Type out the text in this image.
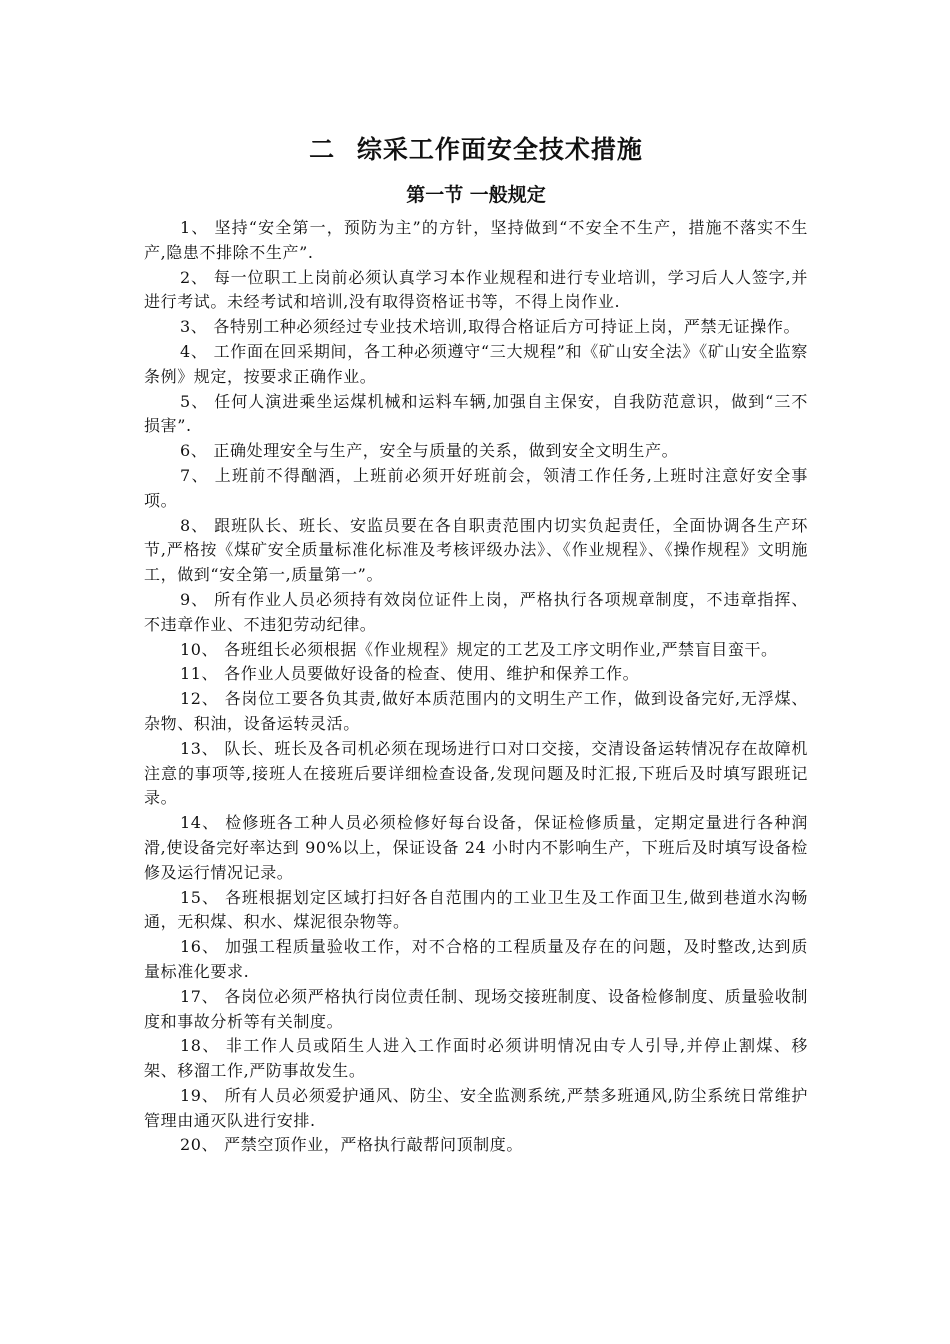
二 综采工作面安全技术措施
第一节 一般规定

1、 坚持“安全第一，预防为主”的方针，坚持做到“不安全不生产，措施不落实不生产,隐患不排除不生产”.

2、 每一位职工上岗前必须认真学习本作业规程和进行专业培训，学习后人人签字,并进行考试。未经考试和培训,没有取得资格证书等，不得上岗作业.

3、 各特别工种必须经过专业技术培训,取得合格证后方可持证上岗，严禁无证操作。

4、 工作面在回采期间，各工种必须遵守“三大规程”和《矿山安全法》《矿山安全监察条例》规定，按要求正确作业。

5、 任何人演进乘坐运煤机械和运料车辆,加强自主保安，自我防范意识，做到“三不损害”.

6、 正确处理安全与生产，安全与质量的关系，做到安全文明生产。

7、 上班前不得酗酒，上班前必须开好班前会，领清工作任务,上班时注意好安全事项。

8、 跟班队长、班长、安监员要在各自职责范围内切实负起责任，全面协调各生产环节,严格按《煤矿安全质量标准化标准及考核评级办法》、《作业规程》、《操作规程》文明施工，做到“安全第一,质量第一”。

9、 所有作业人员必须持有效岗位证件上岗，严格执行各项规章制度，不违章指挥、不违章作业、不违犯劳动纪律。

10、 各班组长必须根据《作业规程》规定的工艺及工序文明作业,严禁盲目蛮干。

11、 各作业人员要做好设备的检查、使用、维护和保养工作。

12、 各岗位工要各负其责,做好本质范围内的文明生产工作，做到设备完好,无浮煤、杂物、积油，设备运转灵活。

13、 队长、班长及各司机必须在现场进行口对口交接，交清设备运转情况存在故障机注意的事项等,接班人在接班后要详细检查设备,发现问题及时汇报,下班后及时填写跟班记录。

14、 检修班各工种人员必须检修好每台设备，保证检修质量，定期定量进行各种润滑,使设备完好率达到 90%以上，保证设备 24 小时内不影响生产，下班后及时填写设备检修及运行情况记录。

15、 各班根据划定区域打扫好各自范围内的工业卫生及工作面卫生,做到巷道水沟畅通，无积煤、积水、煤泥很杂物等。

16、 加强工程质量验收工作，对不合格的工程质量及存在的问题，及时整改,达到质量标准化要求.

17、 各岗位必须严格执行岗位责任制、现场交接班制度、设备检修制度、质量验收制度和事故分析等有关制度。

18、 非工作人员或陌生人进入工作面时必须讲明情况由专人引导,并停止割煤、移架、移溜工作,严防事故发生。

19、 所有人员必须爱护通风、防尘、安全监测系统,严禁多班通风,防尘系统日常维护管理由通灭队进行安排.

20、 严禁空顶作业，严格执行敲帮问顶制度。
